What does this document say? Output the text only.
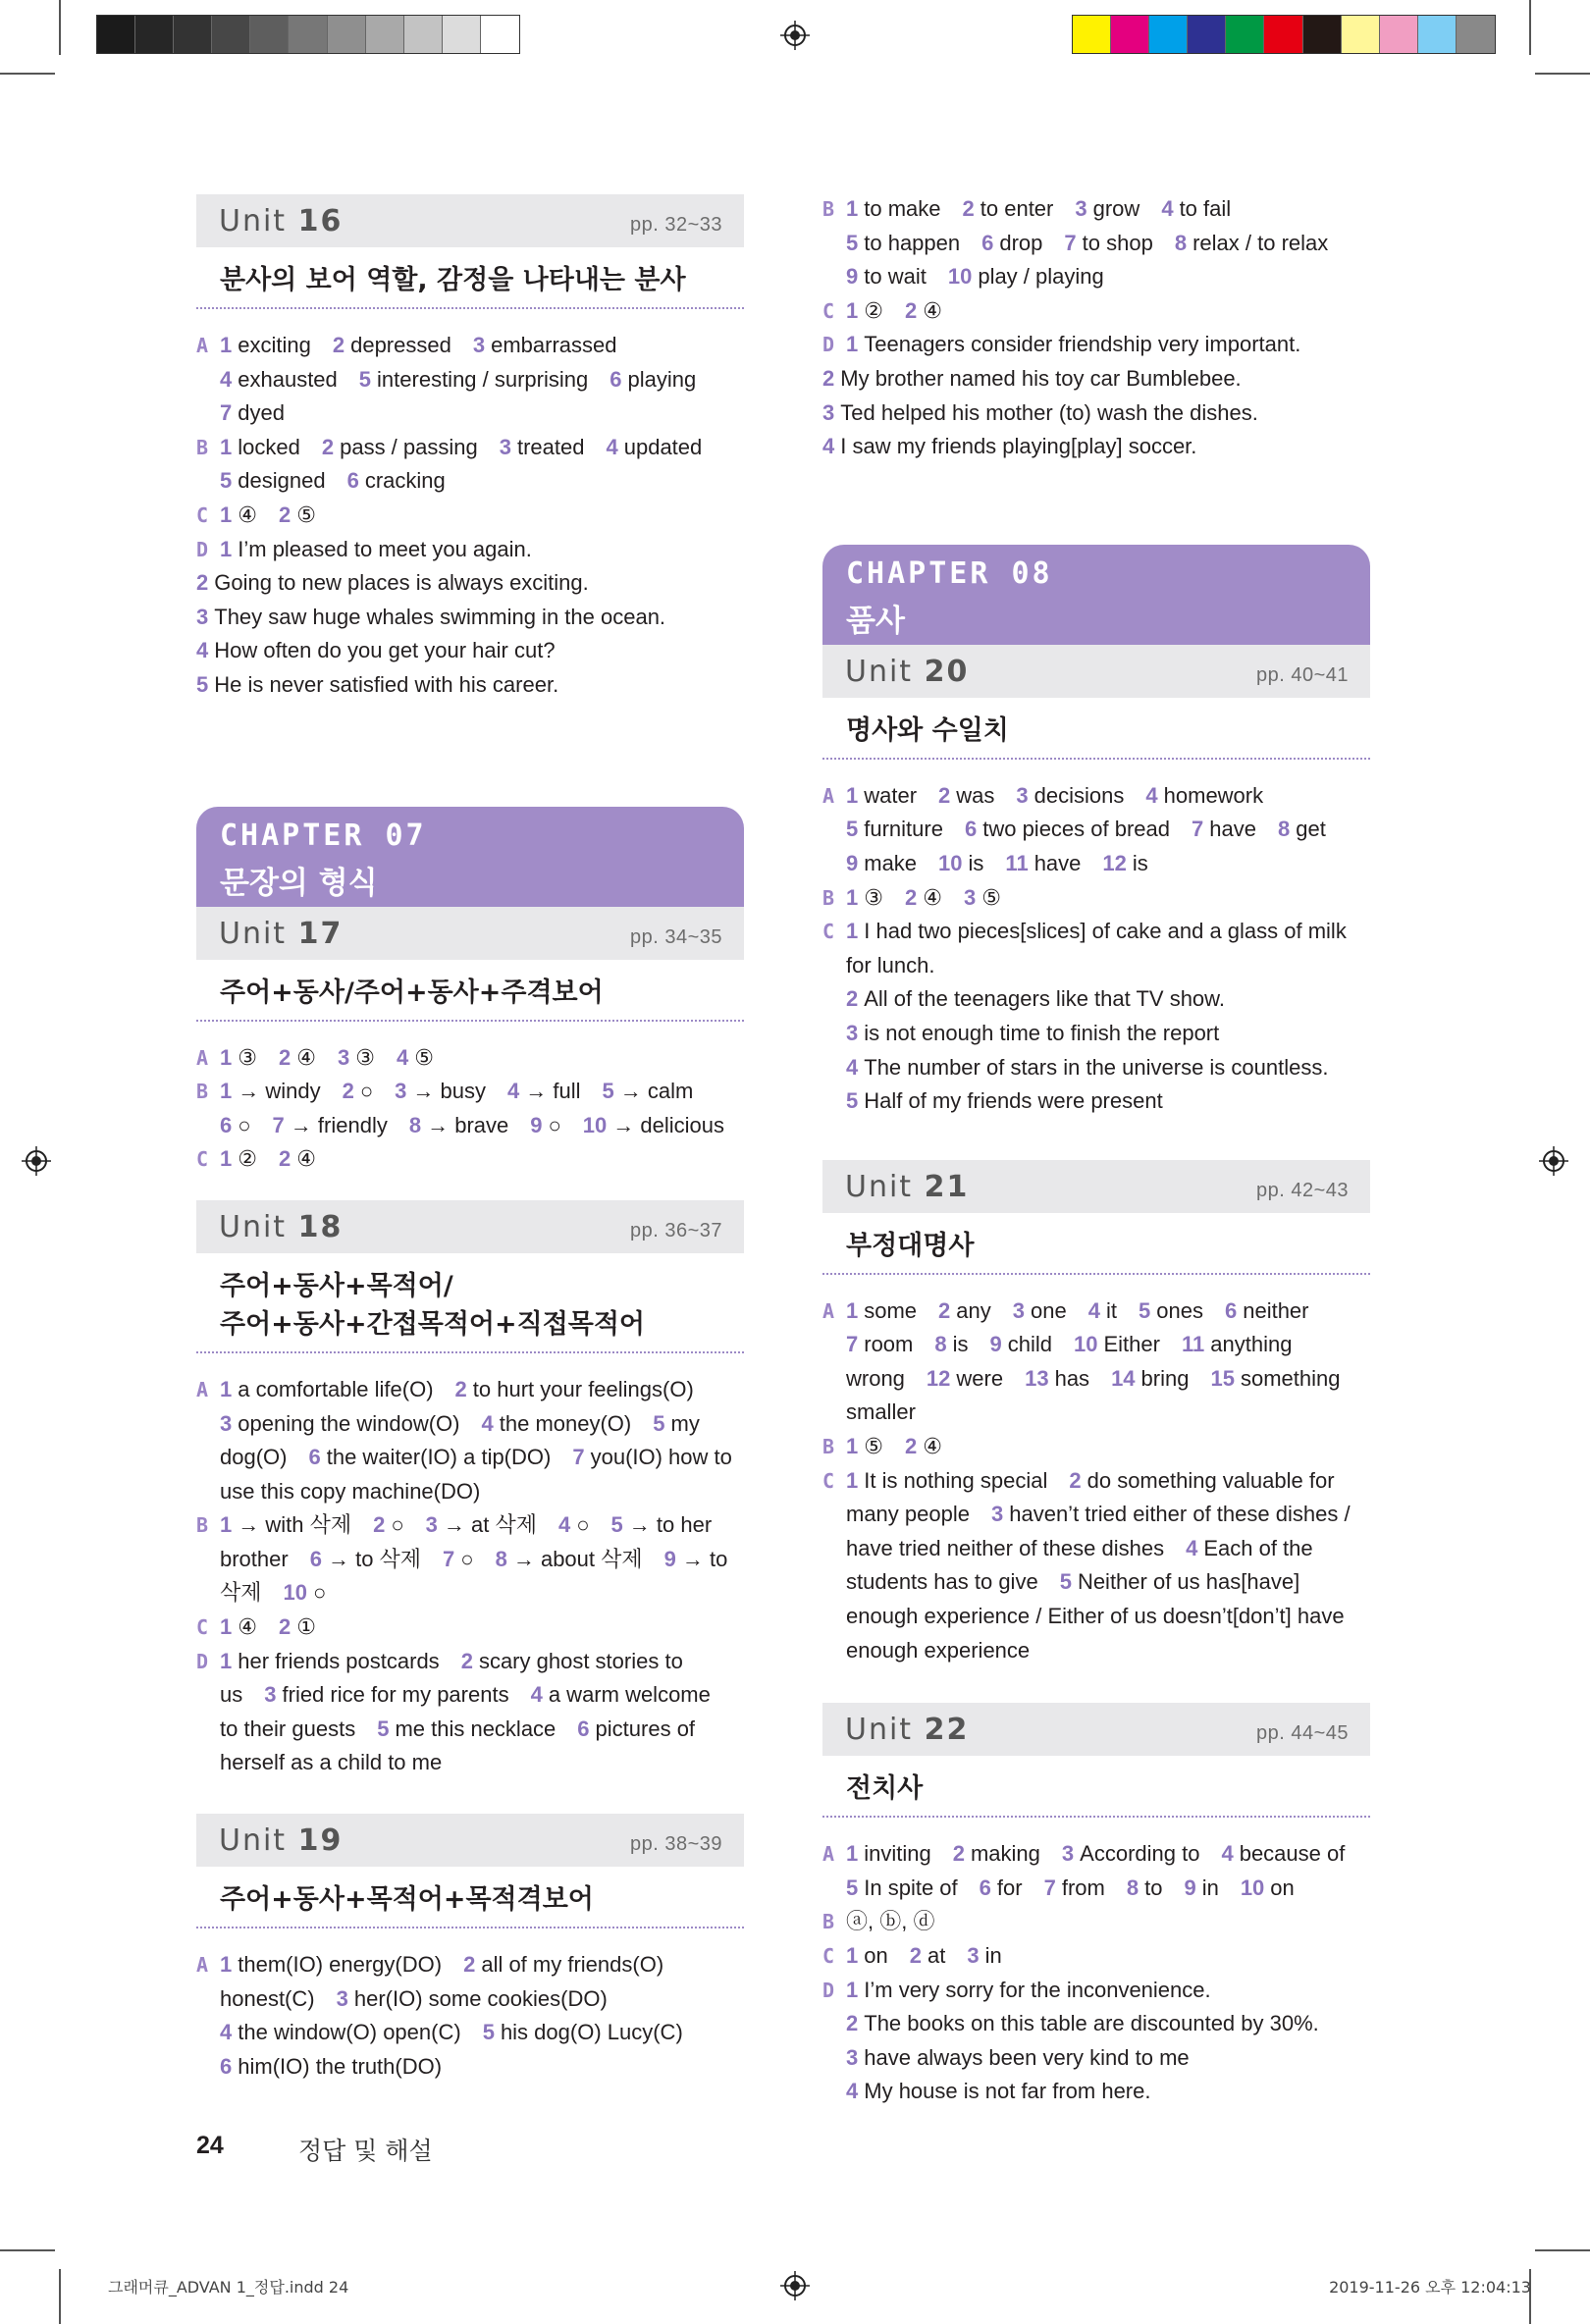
Unit 16	pp. 32~33
분사의 보어 역할, 감정을 나타내는 분사
A 1 exciting 2 depressed 3 embarrassed
4 exhausted 5 interesting / surprising 6 playing
7 dyed
B 1 locked 2 pass / passing 3 treated 4 updated
5 designed 6 cracking
C 1 ④ 2 ⑤
D 1 I’m pleased to meet you again.
2 Going to new places is always exciting.
3 They saw huge whales swimming in the ocean.
4 How often do you get your hair cut?
5 He is never satisfied with his career.
CHAPTER 07
문장의 형식
Unit 17	pp. 34~35
주어+동사/주어+동사+주격보어
A 1 ③ 2 ④ 3 ③ 4 ⑤
B 1 → windy 2 ○ 3 → busy 4 → full 5 → calm
6 ○ 7 → friendly 8 → brave 9 ○ 10 → delicious
C 1 ② 2 ④
Unit 18	pp. 36~37
주어+동사+목적어/
주어+동사+간접목적어+직접목적어
A 1 a comfortable life(O) 2 to hurt your feelings(O)
3 opening the window(O) 4 the money(O) 5 my
dog(O) 6 the waiter(IO) a tip(DO) 7 you(IO) how to
use this copy machine(DO)
B 1 → with 삭제 2 ○ 3 → at 삭제 4 ○ 5 → to her
brother 6 → to 삭제 7 ○ 8 → about 삭제 9 → to
삭제 10 ○
C 1 ④ 2 ①
D 1 her friends postcards 2 scary ghost stories to
us 3 fried rice for my parents 4 a warm welcome
to their guests 5 me this necklace 6 pictures of
herself as a child to me
Unit 19	pp. 38~39
주어+동사+목적어+목적격보어
A 1 them(IO) energy(DO) 2 all of my friends(O)
honest(C) 3 her(IO) some cookies(DO)
4 the window(O) open(C) 5 his dog(O) Lucy(C)
6 him(IO) the truth(DO)
B 1 to make 2 to enter 3 grow 4 to fail
5 to happen 6 drop 7 to shop 8 relax / to relax
9 to wait 10 play / playing
C 1 ② 2 ④
D 1 Teenagers consider friendship very important.
2 My brother named his toy car Bumblebee.
3 Ted helped his mother (to) wash the dishes.
4 I saw my friends playing[play] soccer.
CHAPTER 08
품사
Unit 20	pp. 40~41
명사와 수일치
A 1 water 2 was 3 decisions 4 homework
5 furniture 6 two pieces of bread 7 have 8 get
9 make 10 is 11 have 12 is
B 1 ③ 2 ④ 3 ⑤
C 1 I had two pieces[slices] of cake and a glass of milk
for lunch.
2 All of the teenagers like that TV show.
3 is not enough time to finish the report
4 The number of stars in the universe is countless.
5 Half of my friends were present
Unit 21	pp. 42~43
부정대명사
A 1 some 2 any 3 one 4 it 5 ones 6 neither
7 room 8 is 9 child 10 Either 11 anything
wrong 12 were 13 has 14 bring 15 something
smaller
B 1 ⑤ 2 ④
C 1 It is nothing special 2 do something valuable for
many people 3 haven’t tried either of these dishes /
have tried neither of these dishes 4 Each of the
students has to give 5 Neither of us has[have]
enough experience / Either of us doesn’t[don’t] have
enough experience
Unit 22	pp. 44~45
전치사
A 1 inviting 2 making 3 According to 4 because of
5 In spite of 6 for 7 from 8 to 9 in 10 on
B ⓐ, ⓑ, ⓓ
C 1 on 2 at 3 in
D 1 I’m very sorry for the inconvenience.
2 The books on this table are discounted by 30%.
3 have always been very kind to me
4 My house is not far from here.
24	정답 및 해설
그래머큐_ADVAN 1_정답.indd 24	2019-11-26 오후 12:04:13
